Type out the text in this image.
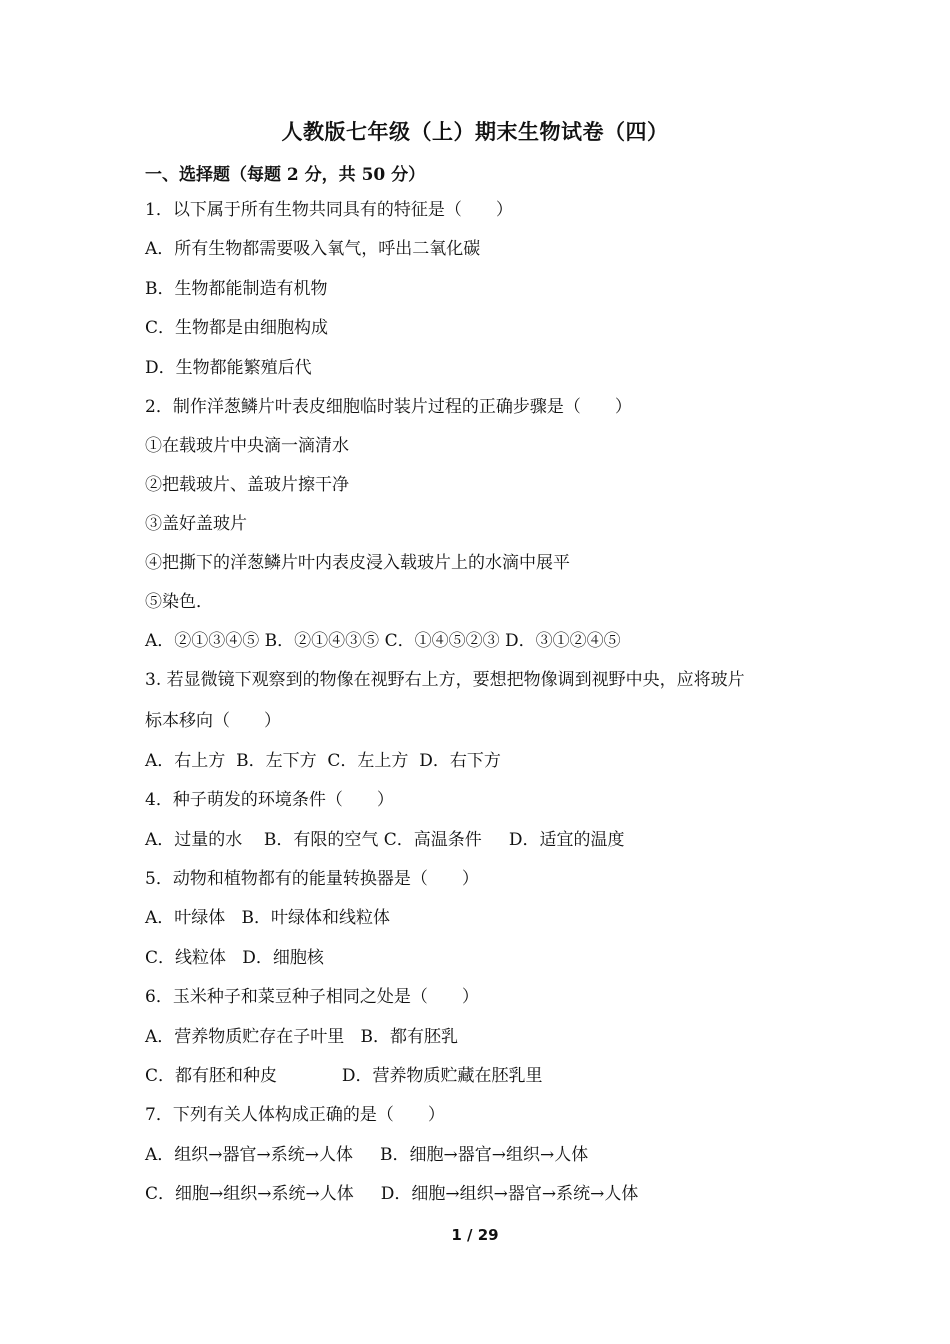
人教版七年级（上）期末生物试卷（四）
一、选择题（每题 2 分，共 50 分）
1．以下属于所有生物共同具有的特征是（　　）
A．所有生物都需要吸入氧气，呼出二氧化碳
B．生物都能制造有机物
C．生物都是由细胞构成
D．生物都能繁殖后代
2．制作洋葱鳞片叶表皮细胞临时装片过程的正确步骤是（　　）
①在载玻片中央滴一滴清水
②把载玻片、盖玻片擦干净
③盖好盖玻片
④把撕下的洋葱鳞片叶内表皮浸入载玻片上的水滴中展平
⑤染色．
A．②①③④⑤ B．②①④③⑤ C．①④⑤②③ D．③①②④⑤
3. 若显微镜下观察到的物像在视野右上方，要想把物像调到视野中央，应将玻片
标本移向（　　）
A．右上方  B．左下方  C．左上方  D．右下方
4．种子萌发的环境条件（　　）
A．过量的水    B．有限的空气 C．高温条件     D．适宜的温度
5．动物和植物都有的能量转换器是（　　）
A．叶绿体   B．叶绿体和线粒体
C．线粒体   D．细胞核
6．玉米种子和菜豆种子相同之处是（　　）
A．营养物质贮存在子叶里   B．都有胚乳
C．都有胚和种皮            D．营养物质贮藏在胚乳里
7．下列有关人体构成正确的是（　　）
A．组织→器官→系统→人体     B．细胞→器官→组织→人体
C．细胞→组织→系统→人体     D．细胞→组织→器官→系统→人体
1 / 29
